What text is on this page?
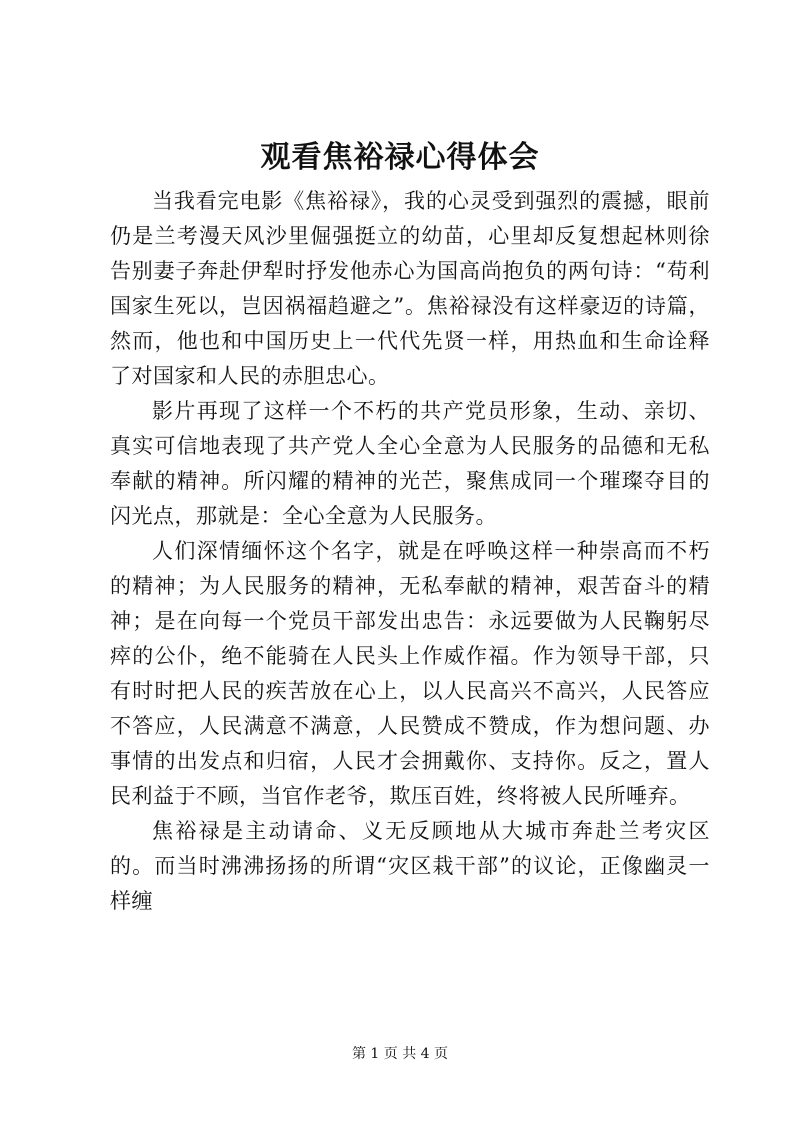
观看焦裕禄心得体会

当我看完电影《焦裕禄》，我的心灵受到强烈的震撼，眼前仍是兰考漫天风沙里倔强挺立的幼苗，心里却反复想起林则徐告别妻子奔赴伊犁时抒发他赤心为国高尚抱负的两句诗：“苟利国家生死以，岂因祸福趋避之”。焦裕禄没有这样豪迈的诗篇，然而，他也和中国历史上一代代先贤一样，用热血和生命诠释了对国家和人民的赤胆忠心。

影片再现了这样一个不朽的共产党员形象，生动、亲切、真实可信地表现了共产党人全心全意为人民服务的品德和无私奉献的精神。所闪耀的精神的光芒，聚焦成同一个璀璨夺目的闪光点，那就是：全心全意为人民服务。

人们深情缅怀这个名字，就是在呼唤这样一种崇高而不朽的精神；为人民服务的精神，无私奉献的精神，艰苦奋斗的精神；是在向每一个党员干部发出忠告：永远要做为人民鞠躬尽瘁的公仆，绝不能骑在人民头上作威作福。作为领导干部，只有时时把人民的疾苦放在心上，以人民高兴不高兴，人民答应不答应，人民满意不满意，人民赞成不赞成，作为想问题、办事情的出发点和归宿，人民才会拥戴你、支持你。反之，置人民利益于不顾，当官作老爷，欺压百姓，终将被人民所唾弃。

焦裕禄是主动请命、义无反顾地从大城市奔赴兰考灾区的。而当时沸沸扬扬的所谓“灾区栽干部”的议论，正像幽灵一样缠

第 1 页 共 4 页
